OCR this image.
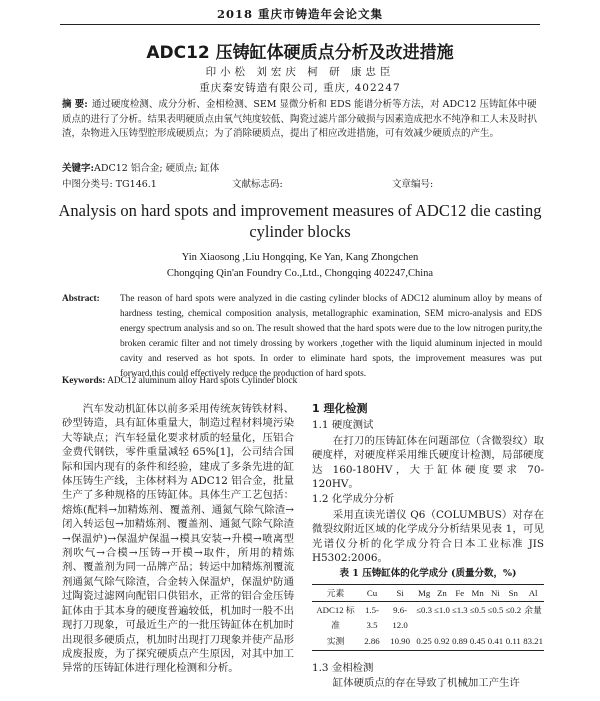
2018 重庆市铸造年会论文集
ADC12 压铸缸体硬质点分析及改进措施
印小松 刘宏庆 柯 研 康忠臣
重庆秦安铸造有限公司, 重庆, 402247
摘 要: 通过硬度检测、成分分析、金相检测、SEM 显微分析和 EDS 能谱分析等方法，对 ADC12 压铸缸体中硬质点的进行了分析。结果表明硬质点由氧气纯度较低、陶瓷过滤片部分破损与因素造成把水不纯净和工人未及时扒渣，杂物进入压铸型腔形成硬质点；为了消除硬质点，提出了相应改进措施，可有效减少硬质点的产生。
关键字:ADC12 铝合金; 硬质点; 缸体
中图分类号: TG146.1	文献标志码:	文章编号:
Analysis on hard spots and improvement measures of ADC12 die casting cylinder blocks
Yin Xiaosong ,Liu Hongqing, Ke Yan, Kang Zhongchen
Chongqing Qin'an Foundry Co.,Ltd., Chongqing 402247,China
Abstract:	The reason of hard spots were analyzed in die casting cylinder blocks of ADC12 aluminum alloy by means of hardness testing, chemical composition analysis, metallographic examination, SEM micro-analysis and EDS energy spectrum analysis and so on. The result showed that the hard spots were due to the low nitrogen purity,the broken ceramic filter and not timely drossing by workers ,together with the liquid aluminum injected in mould cavity and reserved as hot spots. In order to eliminate hard spots, the improvement measures was put forward,this could effectively reduce the production of hard spots.
Keywords: ADC12 aluminum alloy Hard spots Cylinder block
汽车发动机缸体以前多采用传统灰铸铁材料、砂型铸造，具有缸体重量大，制造过程材料境污染大等缺点；汽车轻量化要求材质的轻量化，压铝合金费代钢铁，零件重量减轻 65%[1]，公司结合国际和国内现有的条件和经验，建成了多条先进的缸体压铸生产线，主体材料为 ADC12 铝合金，批量生产了多种规格的压铸缸体。具体生产工艺包括：熔炼(配料→加精炼剂、覆盖剂、通氮气除气除渣→闭入转运包→加精炼剂、覆盖剂、通氮气除气除渣→保温炉)→保温炉保温→模具安装→升模→喷离型剂吹气→合模→压铸→开模→取件，所用的精炼剂、覆盖剂为同一品牌产品；转运中加精炼剂覆流剂通氮气除气除渣，合金转入保温炉，保温炉防通过陶瓷过滤网向配铝口供铝水，正常的铝合金压铸缸体由于其本身的硬度普遍较低，机加时一般不出现打刀现象，可最近生产的一批压铸缸体在机加时出现很多硬质点，机加时出现打刀现象并使产品形成废报废，为了探究硬质点产生原因，对其中加工异常的压铸缸体进行理化检测和分析。
1 理化检测
1.1 硬度测试
在打刀的压铸缸体在问题部位（含微裂纹）取硬度样，对硬度样采用维氏硬度计检测，局部硬度达 160-180HV，大于缸体硬度要求 70-120HV。
1.2 化学成分分析
采用直读光谱仪 Q6（COLUMBUS）对存在微裂纹附近区域的化学成分分析结果见表 1，可见光谱仪分析的化学成分符合日本工业标准 JIS H5302:2006。
表 1 压铸缸体的化学成分 (质量分数，%)
元素	Cu	Si	Mg	Zn	Fe	Mn	Ni	Sn	Al
ADC12 标准	1.5-3.5	9.6-12.0	≤0.3	≤1.0	≤1.3	≤0.5	≤0.5	≤0.2	余量
实测	2.86	10.90	0.25	0.92	0.89	0.45	0.41	0.11	83.21
1.3 金相检测
缸体硬质点的存在导致了机械加工产生许
